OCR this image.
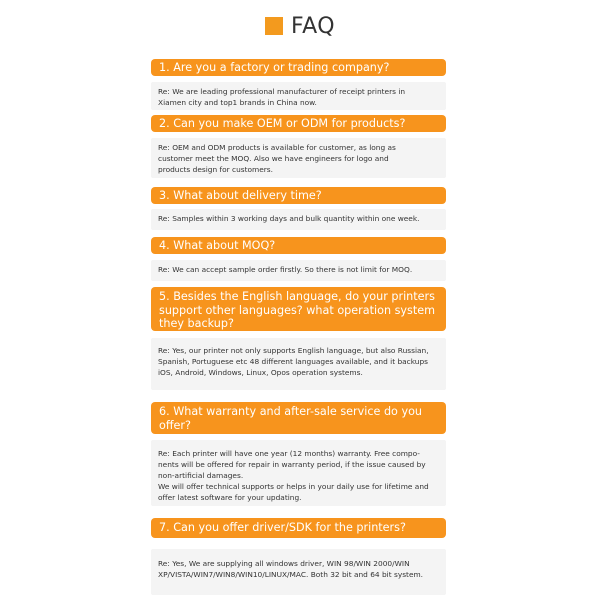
FAQ
1. Are you a factory or trading company?
Re: We are leading professional manufacturer of receipt printers in
Xiamen city and top1 brands in China now.
2. Can you make OEM or ODM for products?
Re: OEM and ODM products is available for customer, as long as
customer meet the MOQ. Also we have engineers for logo and
products design for customers.
3. What about delivery time?
Re: Samples within 3 working days and bulk quantity within one week.
4. What about MOQ?
Re: We can accept sample order firstly. So there is not limit for MOQ.
5. Besides the English language, do your printers
support other languages? what operation system
they backup?
Re: Yes, our printer not only supports English language, but also Russian,
Spanish, Portuguese etc 48 different languages available, and it backups
iOS, Android, Windows, Linux, Opos operation systems.
6. What warranty and after-sale service do you
offer?
Re: Each printer will have one year (12 months) warranty. Free compo-
nents will be offered for repair in warranty period, if the issue caused by
non-artificial damages.
We will offer technical supports or helps in your daily use for lifetime and
offer latest software for your updating.
7. Can you offer driver/SDK for the printers?
Re: Yes, We are supplying all windows driver, WIN 98/WIN 2000/WIN
XP/VISTA/WIN7/WIN8/WIN10/LINUX/MAC. Both 32 bit and 64 bit system.
